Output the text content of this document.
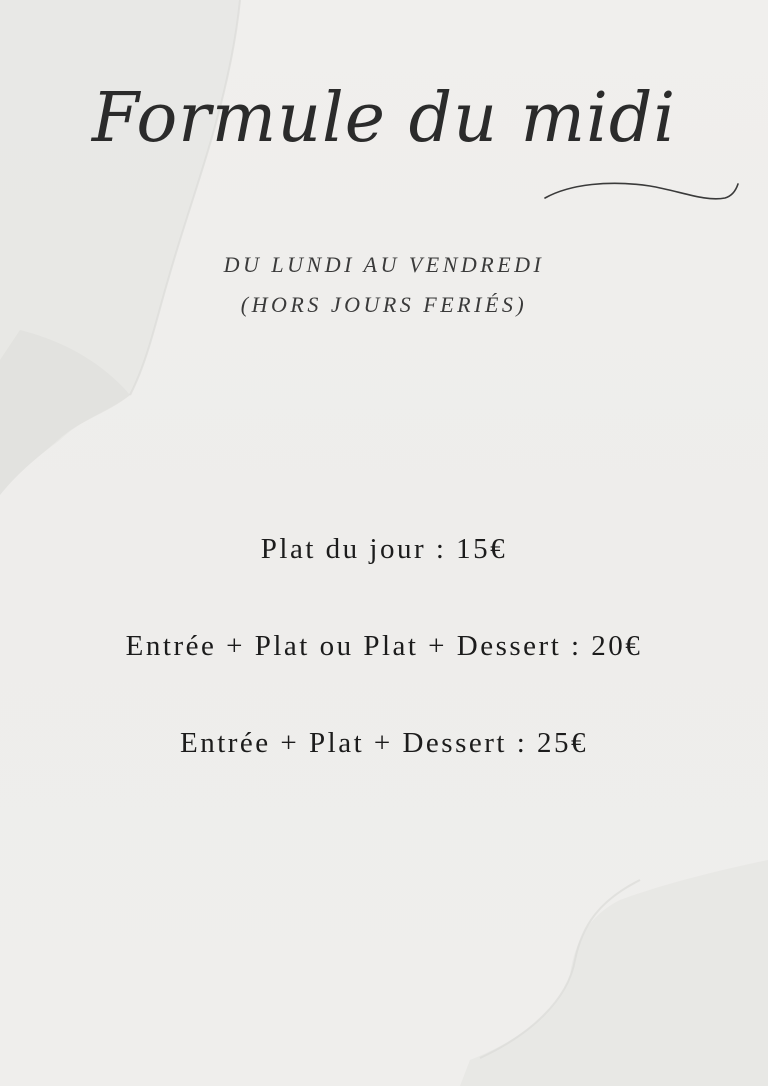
Formule du midi
DU LUNDI AU VENDREDI
(HORS JOURS FERIÉS)
Plat du jour : 15€
Entrée + Plat ou Plat + Dessert : 20€
Entrée + Plat + Dessert : 25€
